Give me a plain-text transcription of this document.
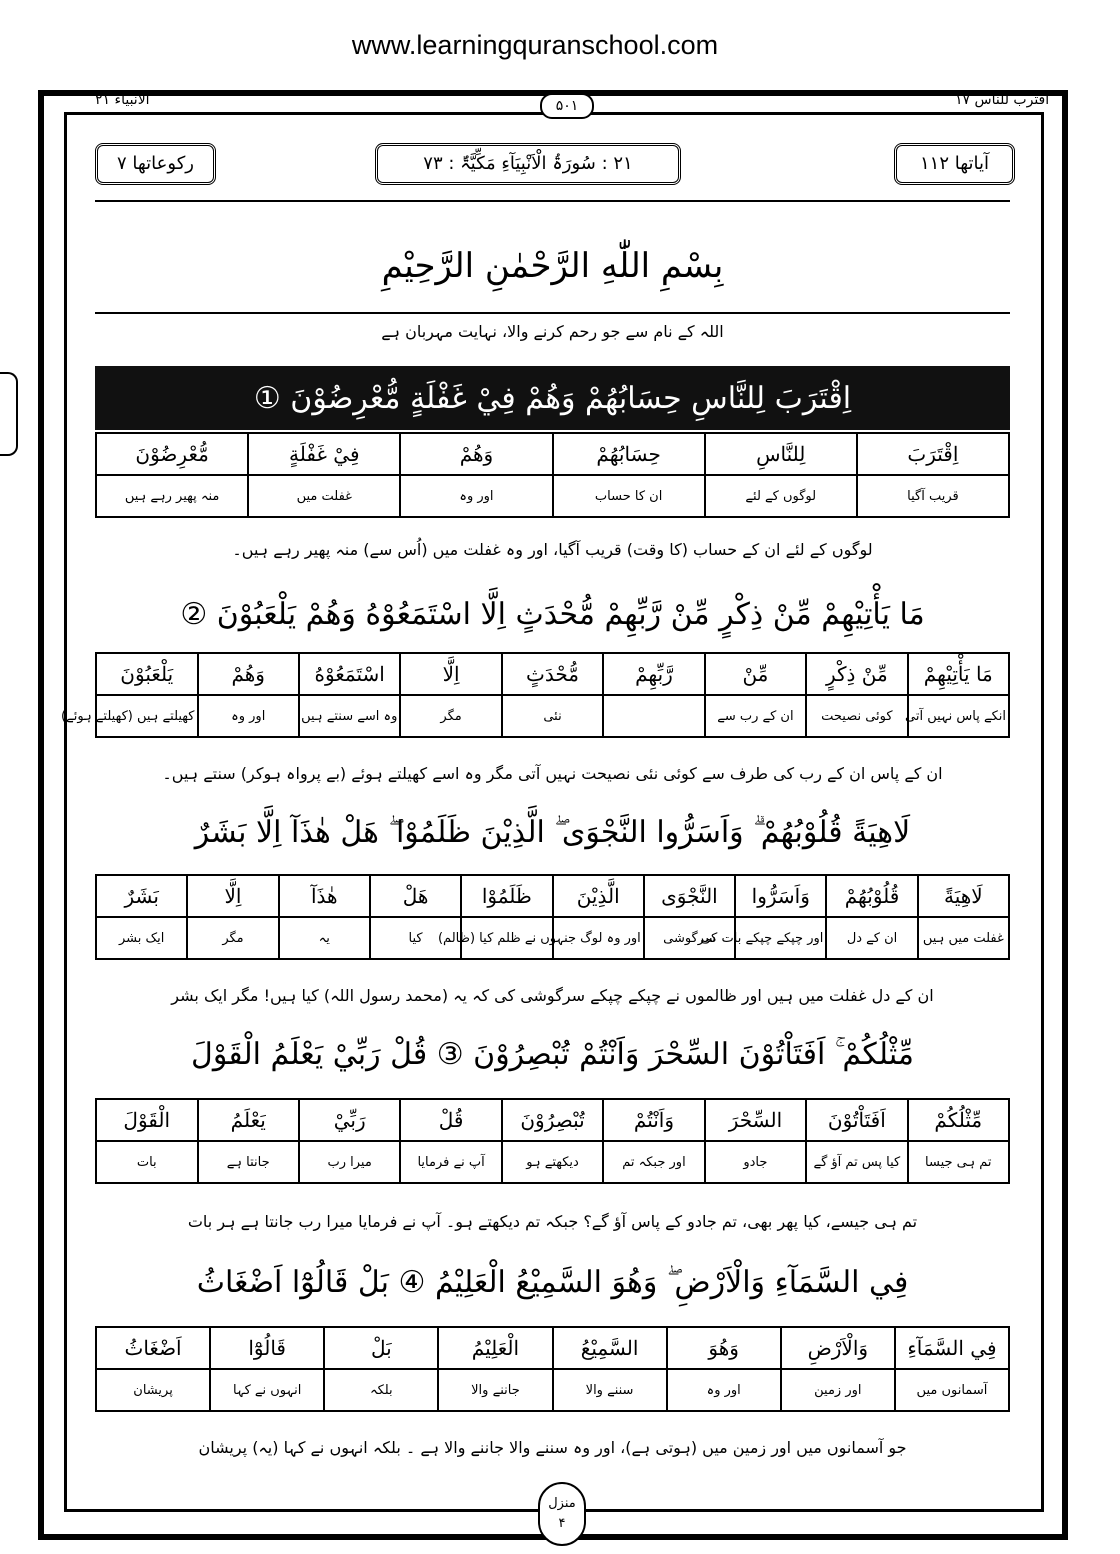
www.learningquranschool.com
الانبیآء ۲۱	۵۰۱	اقترب للناس ۱۷
آیاتھا ۱۱۲
۲۱ : سُورَۃُ الْاَنْبِیَآءِ مَکِّیَّۃٌ : ۷۳
رکوعاتھا ۷
بِسْمِ اللّٰهِ الرَّحْمٰنِ الرَّحِيْمِ
اللہ کے نام سے جو رحم کرنے والا، نہایت مہربان ہے
اِقْتَرَبَ لِلنَّاسِ حِسَابُهُمْ وَهُمْ فِيْ غَفْلَةٍ مُّعْرِضُوْنَ ①
اِقْتَرَبَ	لِلنَّاسِ	حِسَابُهُمْ	وَهُمْ	فِيْ غَفْلَةٍ	مُّعْرِضُوْنَ
قریب آگیا	لوگوں کے لئے	ان کا حساب	اور وہ	غفلت میں	منہ پھیر رہے ہیں
لوگوں کے لئے ان کے حساب (کا وقت) قریب آگیا، اور وہ غفلت میں (اُس سے) منہ پھیر رہے ہیں۔
مَا يَأْتِيْهِمْ مِّنْ ذِكْرٍ مِّنْ رَّبِّهِمْ مُّحْدَثٍ اِلَّا اسْتَمَعُوْهُ وَهُمْ يَلْعَبُوْنَ ②
مَا يَأْتِيْهِمْ	مِّنْ ذِكْرٍ	مِّنْ	رَّبِّهِمْ	مُّحْدَثٍ	اِلَّا	اسْتَمَعُوْهُ	وَهُمْ	يَلْعَبُوْنَ
انکے پاس نہیں آتی	کوئی نصیحت	ان کے رب سے		نئی	مگر	وہ اسے سنتے ہیں	اور وہ	کھیلتے ہیں (کھیلتے ہوئے)
ان کے پاس ان کے رب کی طرف سے کوئی نئی نصیحت نہیں آتی مگر وہ اسے کھیلتے ہوئے (بے پرواہ ہوکر) سنتے ہیں۔
لَاهِيَةً قُلُوْبُهُمْ ۗ وَاَسَرُّوا النَّجْوَى ۖ الَّذِيْنَ ظَلَمُوْا ۖ هَلْ هٰذَآ اِلَّا بَشَرٌ
لَاهِيَةً	قُلُوْبُهُمْ	وَاَسَرُّوا	النَّجْوَى	الَّذِيْنَ	ظَلَمُوْا	هَلْ	هٰذَآ	اِلَّا	بَشَرٌ
غفلت میں ہیں	ان کے دل	اور چپکے چپکے بات کی	سرگوشی	اور وہ لوگ جنہوں نے ظلم کیا (ظالم)		کیا	یہ	مگر	ایک بشر
ان کے دل غفلت میں ہیں اور ظالموں نے چپکے چپکے سرگوشی کی کہ یہ (محمد رسول اللہ) کیا ہیں! مگر ایک بشر
مِّثْلُكُمْ ۚ اَفَتَاْتُوْنَ السِّحْرَ وَاَنْتُمْ تُبْصِرُوْنَ ③ قُلْ رَبِّيْ يَعْلَمُ الْقَوْلَ
مِّثْلُكُمْ	اَفَتَاْتُوْنَ	السِّحْرَ	وَاَنْتُمْ	تُبْصِرُوْنَ	قُلْ	رَبِّيْ	يَعْلَمُ	الْقَوْلَ
تم ہی جیسا	کیا پس تم آؤ گے	جادو	اور جبکہ تم	دیکھتے ہو	آپ نے فرمایا	میرا رب	جانتا ہے	بات
تم ہی جیسے، کیا پھر بھی، تم جادو کے پاس آؤ گے؟ جبکہ تم دیکھتے ہو۔ آپ نے فرمایا میرا رب جانتا ہے ہر بات
فِي السَّمَآءِ وَالْاَرْضِ ۖ وَهُوَ السَّمِيْعُ الْعَلِيْمُ ④ بَلْ قَالُوْٓا اَضْغَاثُ
فِي السَّمَآءِ	وَالْاَرْضِ	وَهُوَ	السَّمِيْعُ	الْعَلِيْمُ	بَلْ	قَالُوْٓا	اَضْغَاثُ
آسمانوں میں	اور زمین	اور وہ	سننے والا	جاننے والا	بلکہ	انہوں نے کہا	پریشان
جو آسمانوں میں اور زمین میں (ہوتی ہے)، اور وہ سننے والا جاننے والا ہے ۔ بلکہ انہوں نے کہا (یہ) پریشان
منزل
۴
